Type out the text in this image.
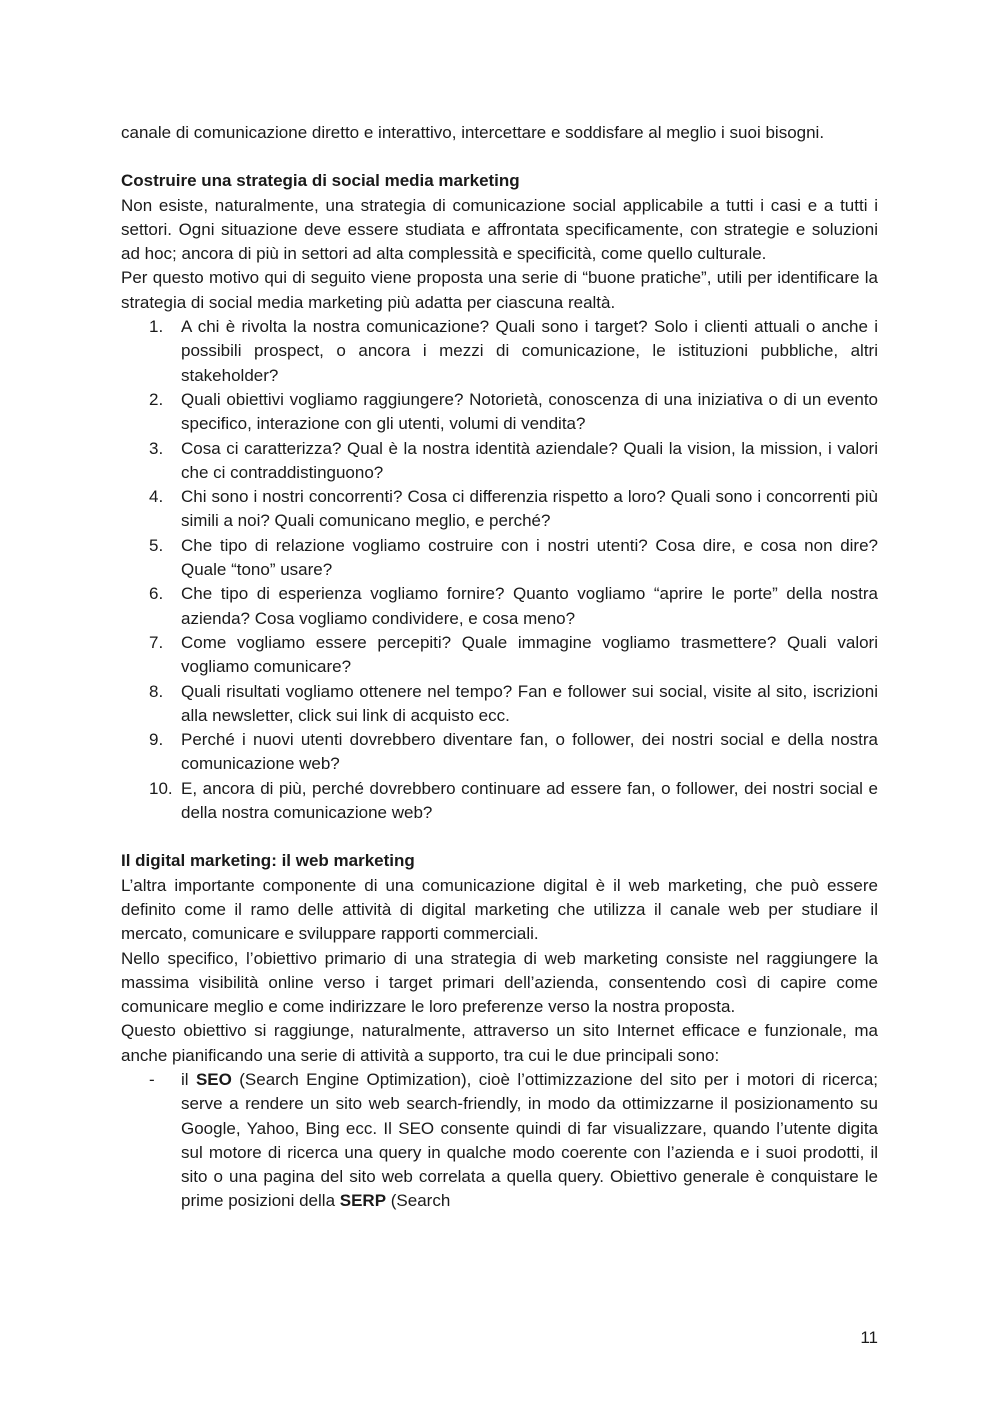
canale di comunicazione diretto e interattivo, intercettare e soddisfare al meglio i suoi bisogni.

Costruire una strategia di social media marketing

Non esiste, naturalmente, una strategia di comunicazione social applicabile a tutti i casi e a tutti i settori. Ogni situazione deve essere studiata e affrontata specificamente, con strategie e soluzioni ad hoc; ancora di più in settori ad alta complessità e specificità, come quello culturale.

Per questo motivo qui di seguito viene proposta una serie di “buone pratiche”, utili per identificare la strategia di social media marketing più adatta per ciascuna realtà.

1. A chi è rivolta la nostra comunicazione? Quali sono i target? Solo i clienti attuali o anche i possibili prospect, o ancora i mezzi di comunicazione, le istituzioni pubbliche, altri stakeholder?
2. Quali obiettivi vogliamo raggiungere? Notorietà, conoscenza di una iniziativa o di un evento specifico, interazione con gli utenti, volumi di vendita?
3. Cosa ci caratterizza? Qual è la nostra identità aziendale? Quali la vision, la mission, i valori che ci contraddistinguono?
4. Chi sono i nostri concorrenti? Cosa ci differenzia rispetto a loro? Quali sono i concorrenti più simili a noi? Quali comunicano meglio, e perché?
5. Che tipo di relazione vogliamo costruire con i nostri utenti? Cosa dire, e cosa non dire? Quale “tono” usare?
6. Che tipo di esperienza vogliamo fornire? Quanto vogliamo “aprire le porte” della nostra azienda? Cosa vogliamo condividere, e cosa meno?
7. Come vogliamo essere percepiti? Quale immagine vogliamo trasmettere? Quali valori vogliamo comunicare?
8. Quali risultati vogliamo ottenere nel tempo? Fan e follower sui social, visite al sito, iscrizioni alla newsletter, click sui link di acquisto ecc.
9. Perché i nuovi utenti dovrebbero diventare fan, o follower, dei nostri social e della nostra comunicazione web?
10. E, ancora di più, perché dovrebbero continuare ad essere fan, o follower, dei nostri social e della nostra comunicazione web?

Il digital marketing: il web marketing

L’altra importante componente di una comunicazione digital è il web marketing, che può essere definito come il ramo delle attività di digital marketing che utilizza il canale web per studiare il mercato, comunicare e sviluppare rapporti commerciali.

Nello specifico, l’obiettivo primario di una strategia di web marketing consiste nel raggiungere la massima visibilità online verso i target primari dell’azienda, consentendo così di capire come comunicare meglio e come indirizzare le loro preferenze verso la nostra proposta.

Questo obiettivo si raggiunge, naturalmente, attraverso un sito Internet efficace e funzionale, ma anche pianificando una serie di attività a supporto, tra cui le due principali sono:

- il SEO (Search Engine Optimization), cioè l’ottimizzazione del sito per i motori di ricerca; serve a rendere un sito web search-friendly, in modo da ottimizzarne il posizionamento su Google, Yahoo, Bing ecc. Il SEO consente quindi di far visualizzare, quando l’utente digita sul motore di ricerca una query in qualche modo coerente con l’azienda e i suoi prodotti, il sito o una pagina del sito web correlata a quella query. Obiettivo generale è conquistare le prime posizioni della SERP (Search
11
